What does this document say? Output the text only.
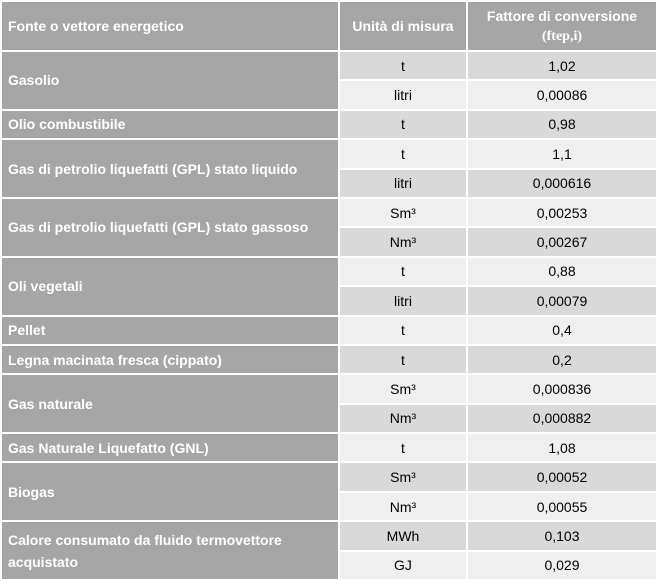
Fonte o vettore energetico	Unità di misura	Fattore di conversione
(ftep,i)
Gasolio	t	1,02
	litri	0,00086
Olio combustibile	t	0,98
Gas di petrolio liquefatti (GPL) stato liquido	t	1,1
	litri	0,000616
Gas di petrolio liquefatti (GPL) stato gassoso	Sm³	0,00253
	Nm³	0,00267
Oli vegetali	t	0,88
	litri	0,00079
Pellet	t	0,4
Legna macinata fresca (cippato)	t	0,2
Gas naturale	Sm³	0,000836
	Nm³	0,000882
Gas Naturale Liquefatto (GNL)	t	1,08
Biogas	Sm³	0,00052
	Nm³	0,00055
Calore consumato da fluido termovettore acquistato	MWh	0,103
	GJ	0,029
